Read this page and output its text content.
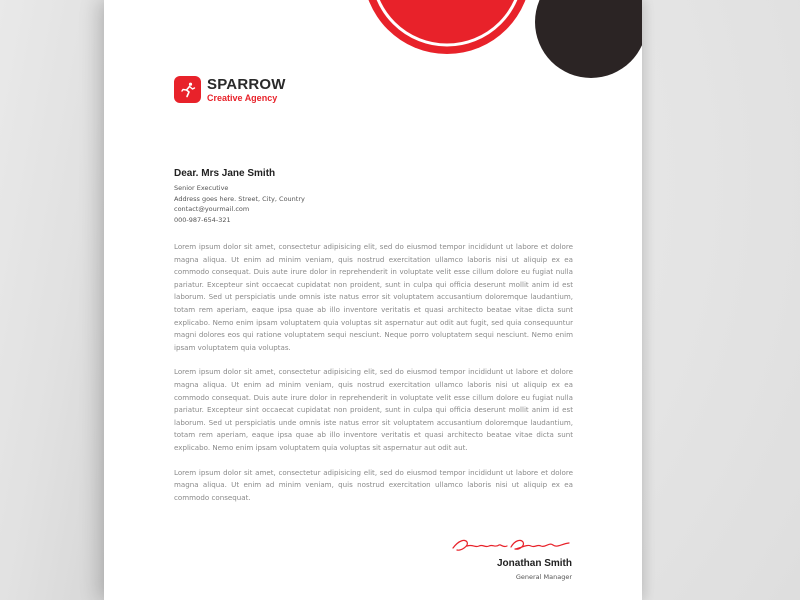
SPARROW
Creative Agency
Dear. Mrs Jane Smith
Senior Executive
Address goes here. Street, City, Country
contact@yourmail.com
000-987-654-321

Lorem ipsum dolor sit amet, consectetur adipisicing elit, sed do eiusmod tempor incididunt ut labore et dolore magna aliqua. Ut enim ad minim veniam, quis nostrud exercitation ullamco laboris nisi ut aliquip ex ea commodo consequat. Duis aute irure dolor in reprehenderit in voluptate velit esse cillum dolore eu fugiat nulla pariatur. Excepteur sint occaecat cupidatat non proident, sunt in culpa qui officia deserunt mollit anim id est laborum. Sed ut perspiciatis unde omnis iste natus error sit voluptatem accusantium doloremque laudantium, totam rem aperiam, eaque ipsa quae ab illo inventore veritatis et quasi architecto beatae vitae dicta sunt explicabo. Nemo enim ipsam voluptatem quia voluptas sit aspernatur aut odit aut fugit, sed quia consequuntur magni dolores eos qui ratione voluptatem sequi nesciunt. Neque porro voluptatem sequi nesciunt. Nemo enim ipsam voluptatem quia voluptas.

Lorem ipsum dolor sit amet, consectetur adipisicing elit, sed do eiusmod tempor incididunt ut labore et dolore magna aliqua. Ut enim ad minim veniam, quis nostrud exercitation ullamco laboris nisi ut aliquip ex ea commodo consequat. Duis aute irure dolor in reprehenderit in voluptate velit esse cillum dolore eu fugiat nulla pariatur. Excepteur sint occaecat cupidatat non proident, sunt in culpa qui officia deserunt mollit anim id est laborum. Sed ut perspiciatis unde omnis iste natus error sit voluptatem accusantium doloremque laudantium, totam rem aperiam, eaque ipsa quae ab illo inventore veritatis et quasi architecto beatae vitae dicta sunt explicabo. Nemo enim ipsam voluptatem quia voluptas sit aspernatur aut odit aut.

Lorem ipsum dolor sit amet, consectetur adipisicing elit, sed do eiusmod tempor incididunt ut labore et dolore magna aliqua. Ut enim ad minim veniam, quis nostrud exercitation ullamco laboris nisi ut aliquip ex ea commodo consequat.

Jonathan Smith
General Manager
